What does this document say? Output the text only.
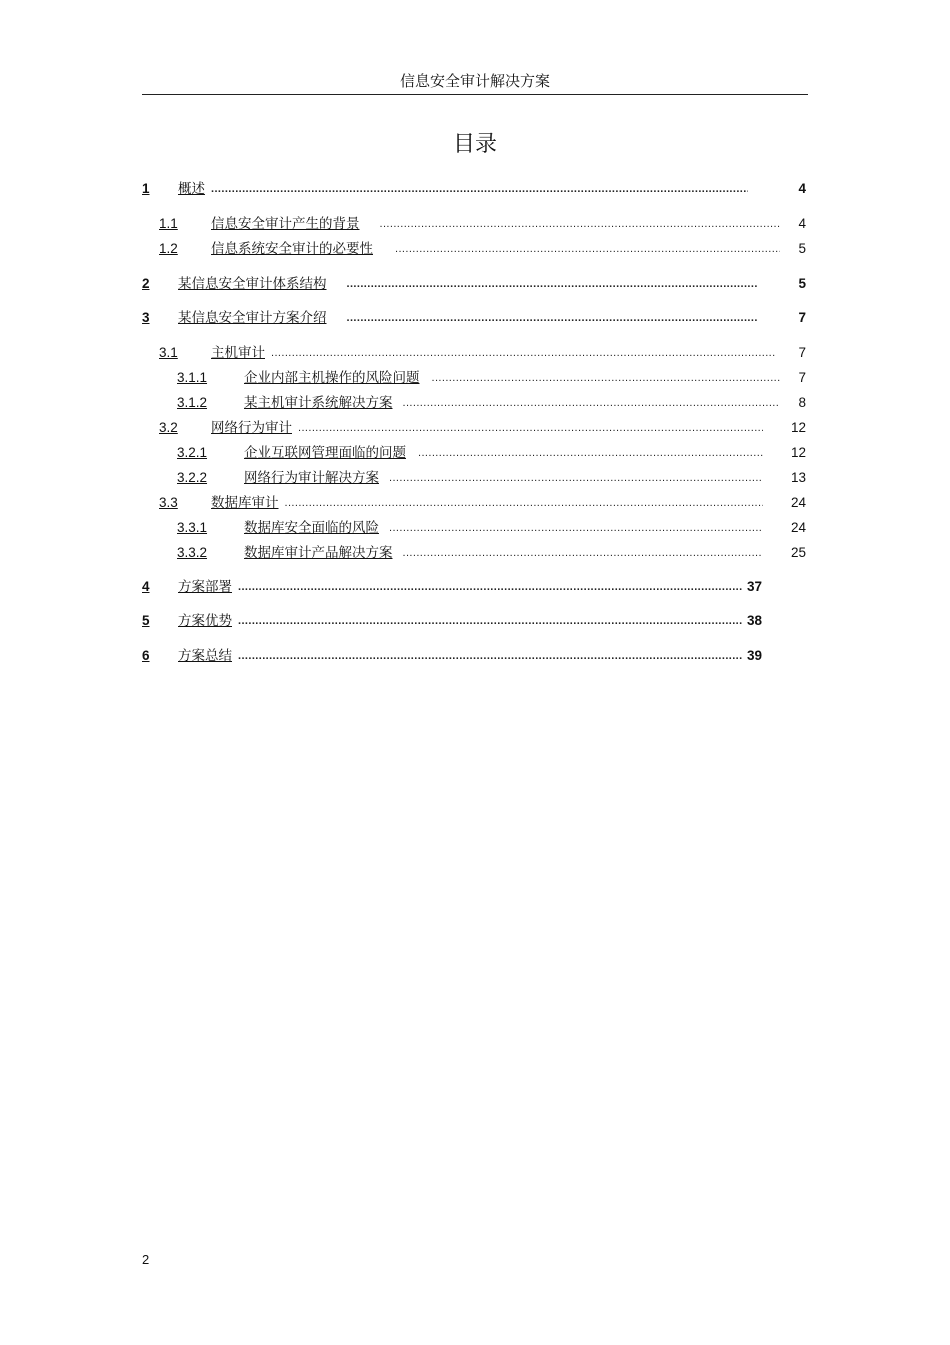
信息安全审计解决方案
目录
1	概述 .....	4
1.1	信息安全审计产生的背景 .....	4
1.2	信息系统安全审计的必要性 .....	5
2	某信息安全审计体系结构 .....	5
3	某信息安全审计方案介绍 .....	7
3.1	主机审计 .....	7
3.1.1	企业内部主机操作的风险问题 .....	7
3.1.2	某主机审计系统解决方案 .....	8
3.2	网络行为审计 .....	12
3.2.1	企业互联网管理面临的问题 .....	12
3.2.2	网络行为审计解决方案 .....	13
3.3	数据库审计 .....	24
3.3.1	数据库安全面临的风险 .....	24
3.3.2	数据库审计产品解决方案 .....	25
4	方案部署 .....	37
5	方案优势 .....	38
6	方案总结 .....	39
2
